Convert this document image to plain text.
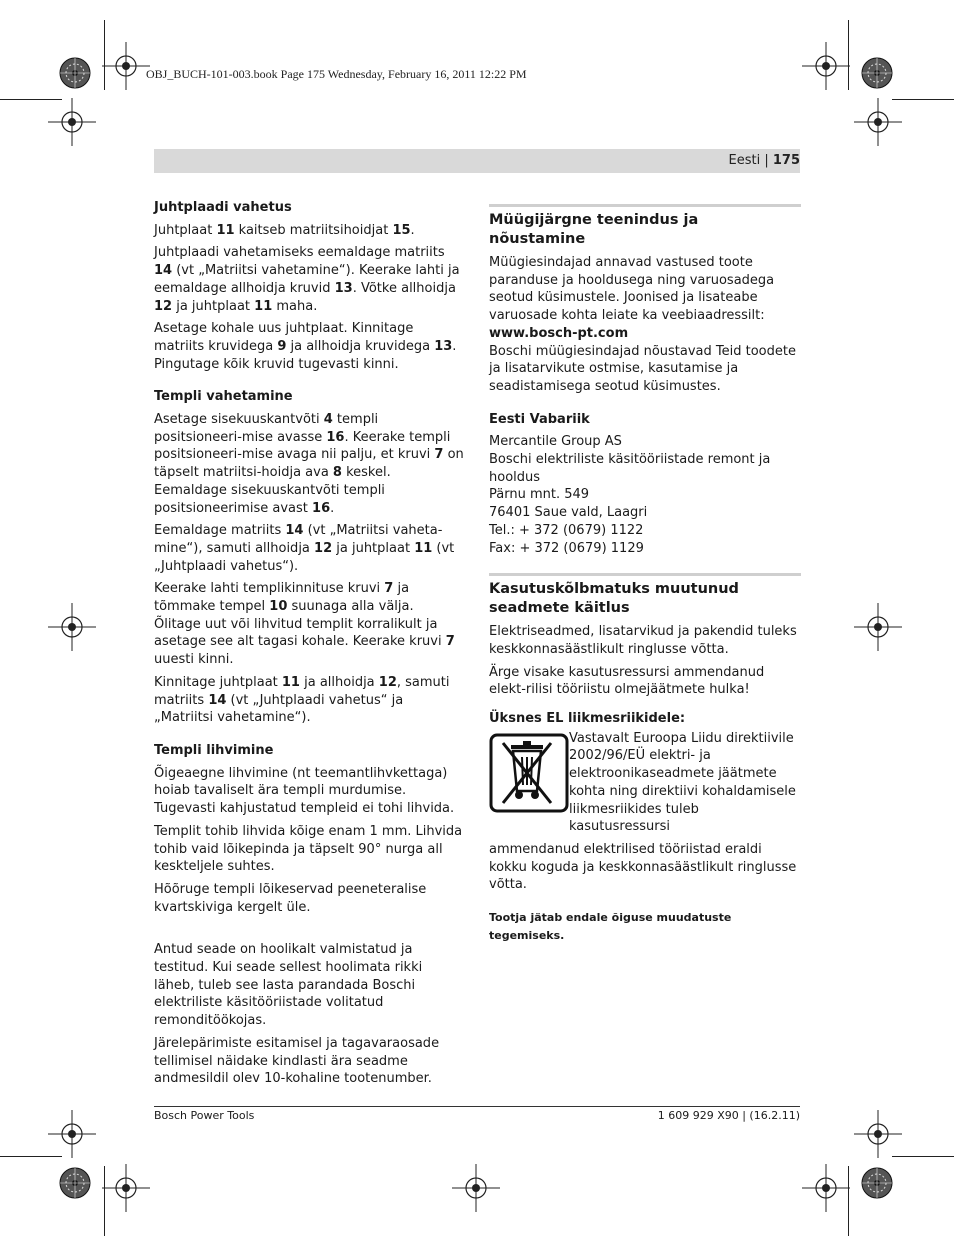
OBJ_BUCH-101-003.book Page 175 Wednesday, February 16, 2011 12:22 PM
Eesti | 175
Juhtplaadi vahetus

Juhtplaat 11 kaitseb matriitsihoidjat 15.

Juhtplaadi vahetamiseks eemaldage matriits 14 (vt „Matriitsi vahetamine“). Keerake lahti ja eemaldage allhoidja kruvid 13. Võtke allhoidja 12 ja juhtplaat 11 maha.

Asetage kohale uus juhtplaat. Kinnitage matriits kruvidega 9 ja allhoidja kruvidega 13. Pingutage kõik kruvid tugevasti kinni.

Templi vahetamine

Asetage sisekuuskantvõti 4 templi positsioneeri-mise avasse 16. Keerake templi positsioneeri-mise avaga nii palju, et kruvi 7 on täpselt matriitsi-hoidja ava 8 keskel. Eemaldage sisekuuskantvõti templi positsioneerimise avast 16.

Eemaldage matriits 14 (vt „Matriitsi vaheta-mine“), samuti allhoidja 12 ja juhtplaat 11 (vt „Juhtplaadi vahetus“).

Keerake lahti templikinnituse kruvi 7 ja tõmmake tempel 10 suunaga alla välja. Õlitage uut või lihvitud templit korralikult ja asetage see alt tagasi kohale. Keerake kruvi 7 uuesti kinni.

Kinnitage juhtplaat 11 ja allhoidja 12, samuti matriits 14 (vt „Juhtplaadi vahetus“ ja „Matriitsi vahetamine“).

Templi lihvimine

Õigeaegne lihvimine (nt teemantlihvkettaga) hoiab tavaliselt ära templi murdumise. Tugevasti kahjustatud templeid ei tohi lihvida.

Templit tohib lihvida kõige enam 1 mm. Lihvida tohib vaid lõikepinda ja täpselt 90° nurga all keskteljele suhtes.

Hõõruge templi lõikeservad peeneteralise kvartskiviga kergelt üle.

Antud seade on hoolikalt valmistatud ja testitud. Kui seade sellest hoolimata rikki läheb, tuleb see lasta parandada Boschi elektriliste käsitööriistade volitatud remonditöökojas.

Järelepärimiste esitamisel ja tagavaraosade tellimisel näidake kindlasti ära seadme andmesildil olev 10-kohaline tootenumber.

Müügijärgne teenindus ja nõustamine

Müügiesindajad annavad vastused toote paranduse ja hooldusega ning varuosadega seotud küsimustele. Joonised ja lisateabe varuosade kohta leiate ka veebiaadressilt:

www.bosch-pt.com

Boschi müügiesindajad nõustavad Teid toodete ja lisatarvikute ostmise, kasutamise ja seadistamisega seotud küsimustes.

Eesti Vabariik
Mercantile Group AS
Boschi elektriliste käsitööriistade remont ja hooldus
Pärnu mnt. 549
76401 Saue vald, Laagri
Tel.: + 372 (0679) 1122
Fax: + 372 (0679) 1129
Kasutuskõlbmatuks muutunud seadmete käitlus

Elektriseadmed, lisatarvikud ja pakendid tuleks keskkonnasäästlikult ringlusse võtta.

Ärge visake kasutusressursi ammendanud elekt-rilisi tööriistu olmejäätmete hulka!

Üksnes EL liikmesriikidele:

Vastavalt Euroopa Liidu direktiivile 2002/96/EÜ elektri- ja elektroonikaseadmete jäätmete kohta ning direktiivi kohaldamisele liikmesriikides tuleb kasutusressursi

ammendanud elektrilised tööriistad eraldi kokku koguda ja keskkonnasäästlikult ringlusse võtta.

Tootja jätab endale õiguse muudatuste tegemiseks.

Bosch Power Tools	1 609 929 X90 | (16.2.11)
